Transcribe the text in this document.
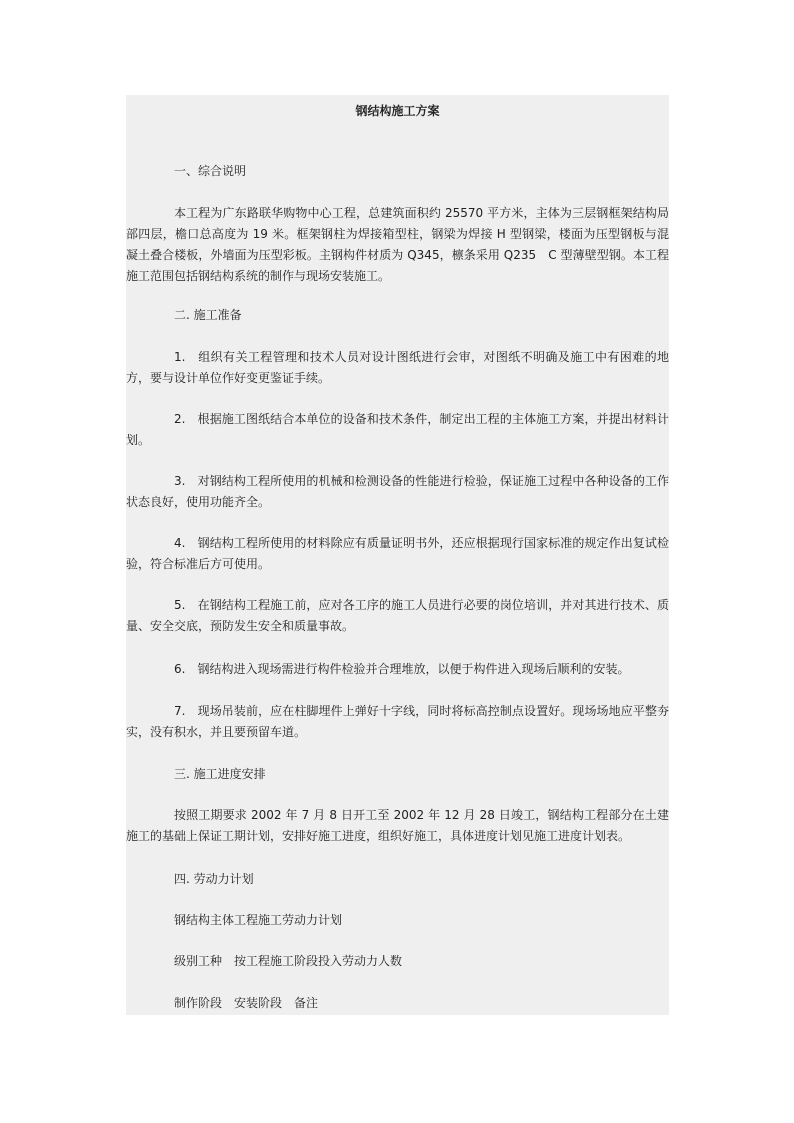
钢结构施工方案
一、综合说明
本工程为广东路联华购物中心工程，总建筑面积约 25570 平方米，主体为三层钢框架结构局部四层，檐口总高度为 19 米。框架钢柱为焊接箱型柱，钢梁为焊接 H 型钢梁，楼面为压型钢板与混凝土叠合楼板，外墙面为压型彩板。主钢构件材质为 Q345，檩条采用 Q235　C 型薄壁型钢。本工程施工范围包括钢结构系统的制作与现场安装施工。
二. 施工准备
1.　组织有关工程管理和技术人员对设计图纸进行会审，对图纸不明确及施工中有困难的地方，要与设计单位作好变更鉴证手续。
2.　根据施工图纸结合本单位的设备和技术条件，制定出工程的主体施工方案，并提出材料计划。
3.　对钢结构工程所使用的机械和检测设备的性能进行检验，保证施工过程中各种设备的工作状态良好，使用功能齐全。
4.　钢结构工程所使用的材料除应有质量证明书外，还应根据现行国家标准的规定作出复试检验，符合标准后方可使用。
5.　在钢结构工程施工前，应对各工序的施工人员进行必要的岗位培训，并对其进行技术、质量、安全交底，预防发生安全和质量事故。
6.　钢结构进入现场需进行构件检验并合理堆放，以便于构件进入现场后顺利的安装。
7.　现场吊装前，应在柱脚埋件上弹好十字线，同时将标高控制点设置好。现场场地应平整夯实，没有积水，并且要预留车道。
三. 施工进度安排
按照工期要求 2002 年 7 月 8 日开工至 2002 年 12 月 28 日竣工，钢结构工程部分在土建施工的基础上保证工期计划，安排好施工进度，组织好施工，具体进度计划见施工进度计划表。
四. 劳动力计划
钢结构主体工程施工劳动力计划
级别工种　按工程施工阶段投入劳动力人数
制作阶段　安装阶段　备注
